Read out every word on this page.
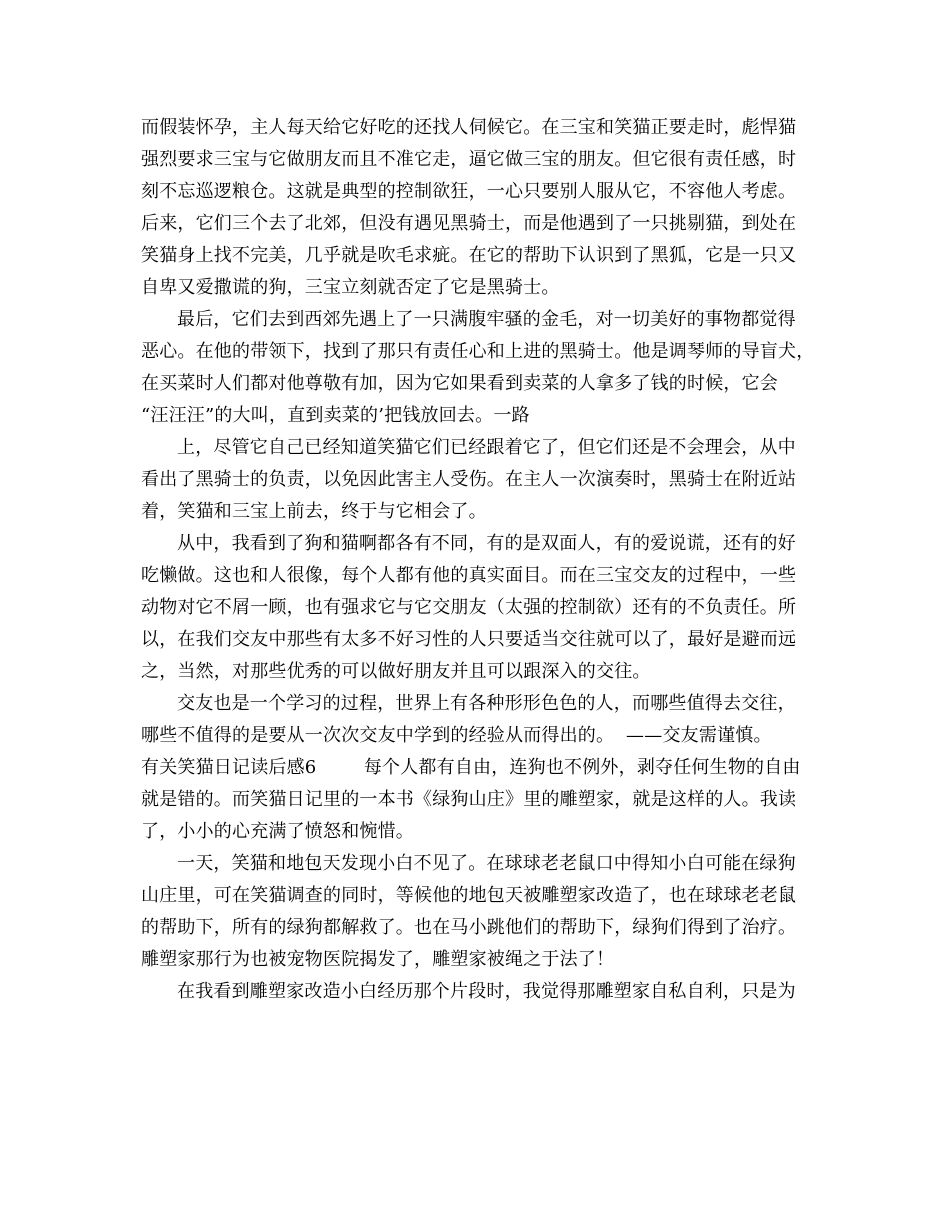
而假装怀孕，主人每天给它好吃的还找人伺候它。在三宝和笑猫正要走时，彪悍猫
强烈要求三宝与它做朋友而且不准它走，逼它做三宝的朋友。但它很有责任感，时
刻不忘巡逻粮仓。这就是典型的控制欲狂，一心只要别人服从它，不容他人考虑。
后来，它们三个去了北郊，但没有遇见黑骑士，而是他遇到了一只挑剔猫，到处在
笑猫身上找不完美，几乎就是吹毛求疵。在它的帮助下认识到了黑狐，它是一只又
自卑又爱撒谎的狗，三宝立刻就否定了它是黑骑士。
最后，它们去到西郊先遇上了一只满腹牢骚的金毛，对一切美好的事物都觉得
恶心。在他的带领下，找到了那只有责任心和上进的黑骑士。他是调琴师的导盲犬，
在买菜时人们都对他尊敬有加，因为它如果看到卖菜的人拿多了钱的时候，它会
“汪汪汪”的大叫，直到卖菜的’把钱放回去。一路
上，尽管它自己已经知道笑猫它们已经跟着它了，但它们还是不会理会，从中
看出了黑骑士的负责，以免因此害主人受伤。在主人一次演奏时，黑骑士在附近站
着，笑猫和三宝上前去，终于与它相会了。
从中，我看到了狗和猫啊都各有不同，有的是双面人，有的爱说谎，还有的好
吃懒做。这也和人很像，每个人都有他的真实面目。而在三宝交友的过程中，一些
动物对它不屑一顾，也有强求它与它交朋友（太强的控制欲）还有的不负责任。所
以，在我们交友中那些有太多不好习性的人只要适当交往就可以了，最好是避而远
之，当然，对那些优秀的可以做好朋友并且可以跟深入的交往。
交友也是一个学习的过程，世界上有各种形形色色的人，而哪些值得去交往，
哪些不值得的是要从一次次交友中学到的经验从而得出的。  ——交友需谨慎。
有关笑猫日记读后感6        每个人都有自由，连狗也不例外，剥夺任何生物的自由
就是错的。而笑猫日记里的一本书《绿狗山庄》里的雕塑家，就是这样的人。我读
了，小小的心充满了愤怒和惋惜。
一天，笑猫和地包天发现小白不见了。在球球老老鼠口中得知小白可能在绿狗
山庄里，可在笑猫调查的同时，等候他的地包天被雕塑家改造了，也在球球老老鼠
的帮助下，所有的绿狗都解救了。也在马小跳他们的帮助下，绿狗们得到了治疗。
雕塑家那行为也被宠物医院揭发了，雕塑家被绳之于法了！
在我看到雕塑家改造小白经历那个片段时，我觉得那雕塑家自私自利，只是为
